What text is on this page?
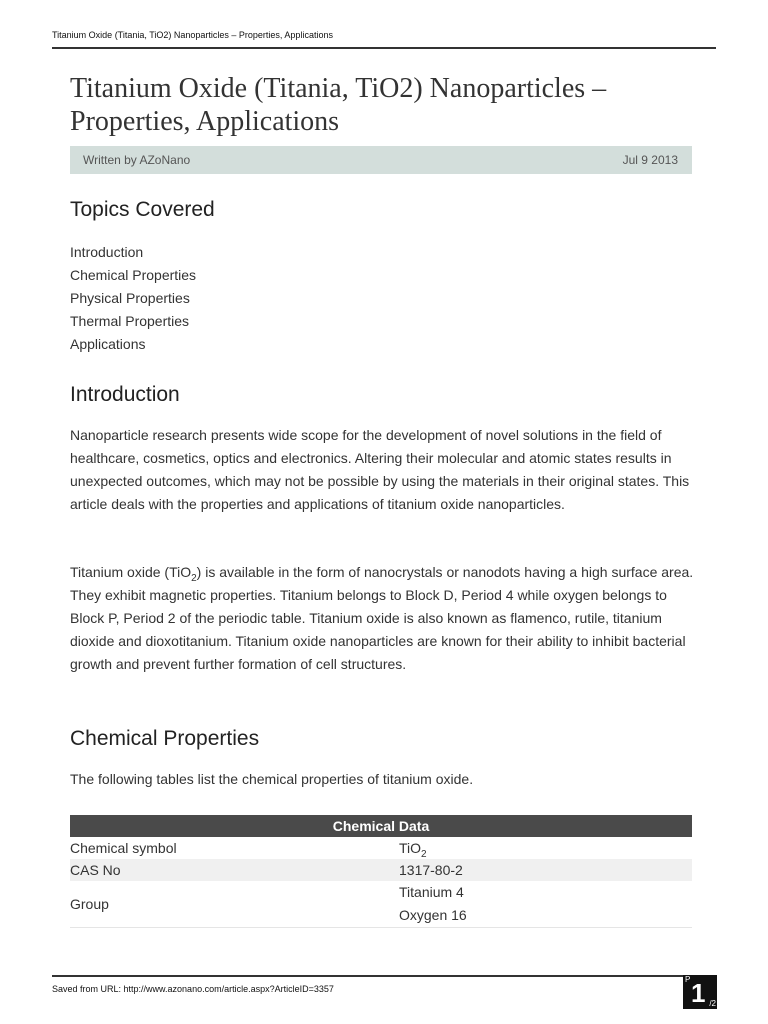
Titanium Oxide (Titania, TiO2) Nanoparticles – Properties, Applications
Titanium Oxide (Titania, TiO2) Nanoparticles – Properties, Applications
Written by AZoNano	Jul 9 2013
Topics Covered
Introduction
Chemical Properties
Physical Properties
Thermal Properties
Applications
Introduction

Nanoparticle research presents wide scope for the development of novel solutions in the field of healthcare, cosmetics, optics and electronics. Altering their molecular and atomic states results in unexpected outcomes, which may not be possible by using the materials in their original states. This article deals with the properties and applications of titanium oxide nanoparticles.

Titanium oxide (TiO$_2$) is available in the form of nanocrystals or nanodots having a high surface area. They exhibit magnetic properties. Titanium belongs to Block D, Period 4 while oxygen belongs to Block P, Period 2 of the periodic table. Titanium oxide is also known as flamenco, rutile, titanium dioxide and dioxotitanium. Titanium oxide nanoparticles are known for their ability to inhibit bacterial growth and prevent further formation of cell structures.

Chemical Properties

The following tables list the chemical properties of titanium oxide.

Chemical Data	
Chemical symbol	TiO$_2$
CAS No	1317-80-2
Group	Titanium 4
Oxygen 16
Saved from URL: http://www.azonano.com/article.aspx?ArticleID=3357
P 1 /2
